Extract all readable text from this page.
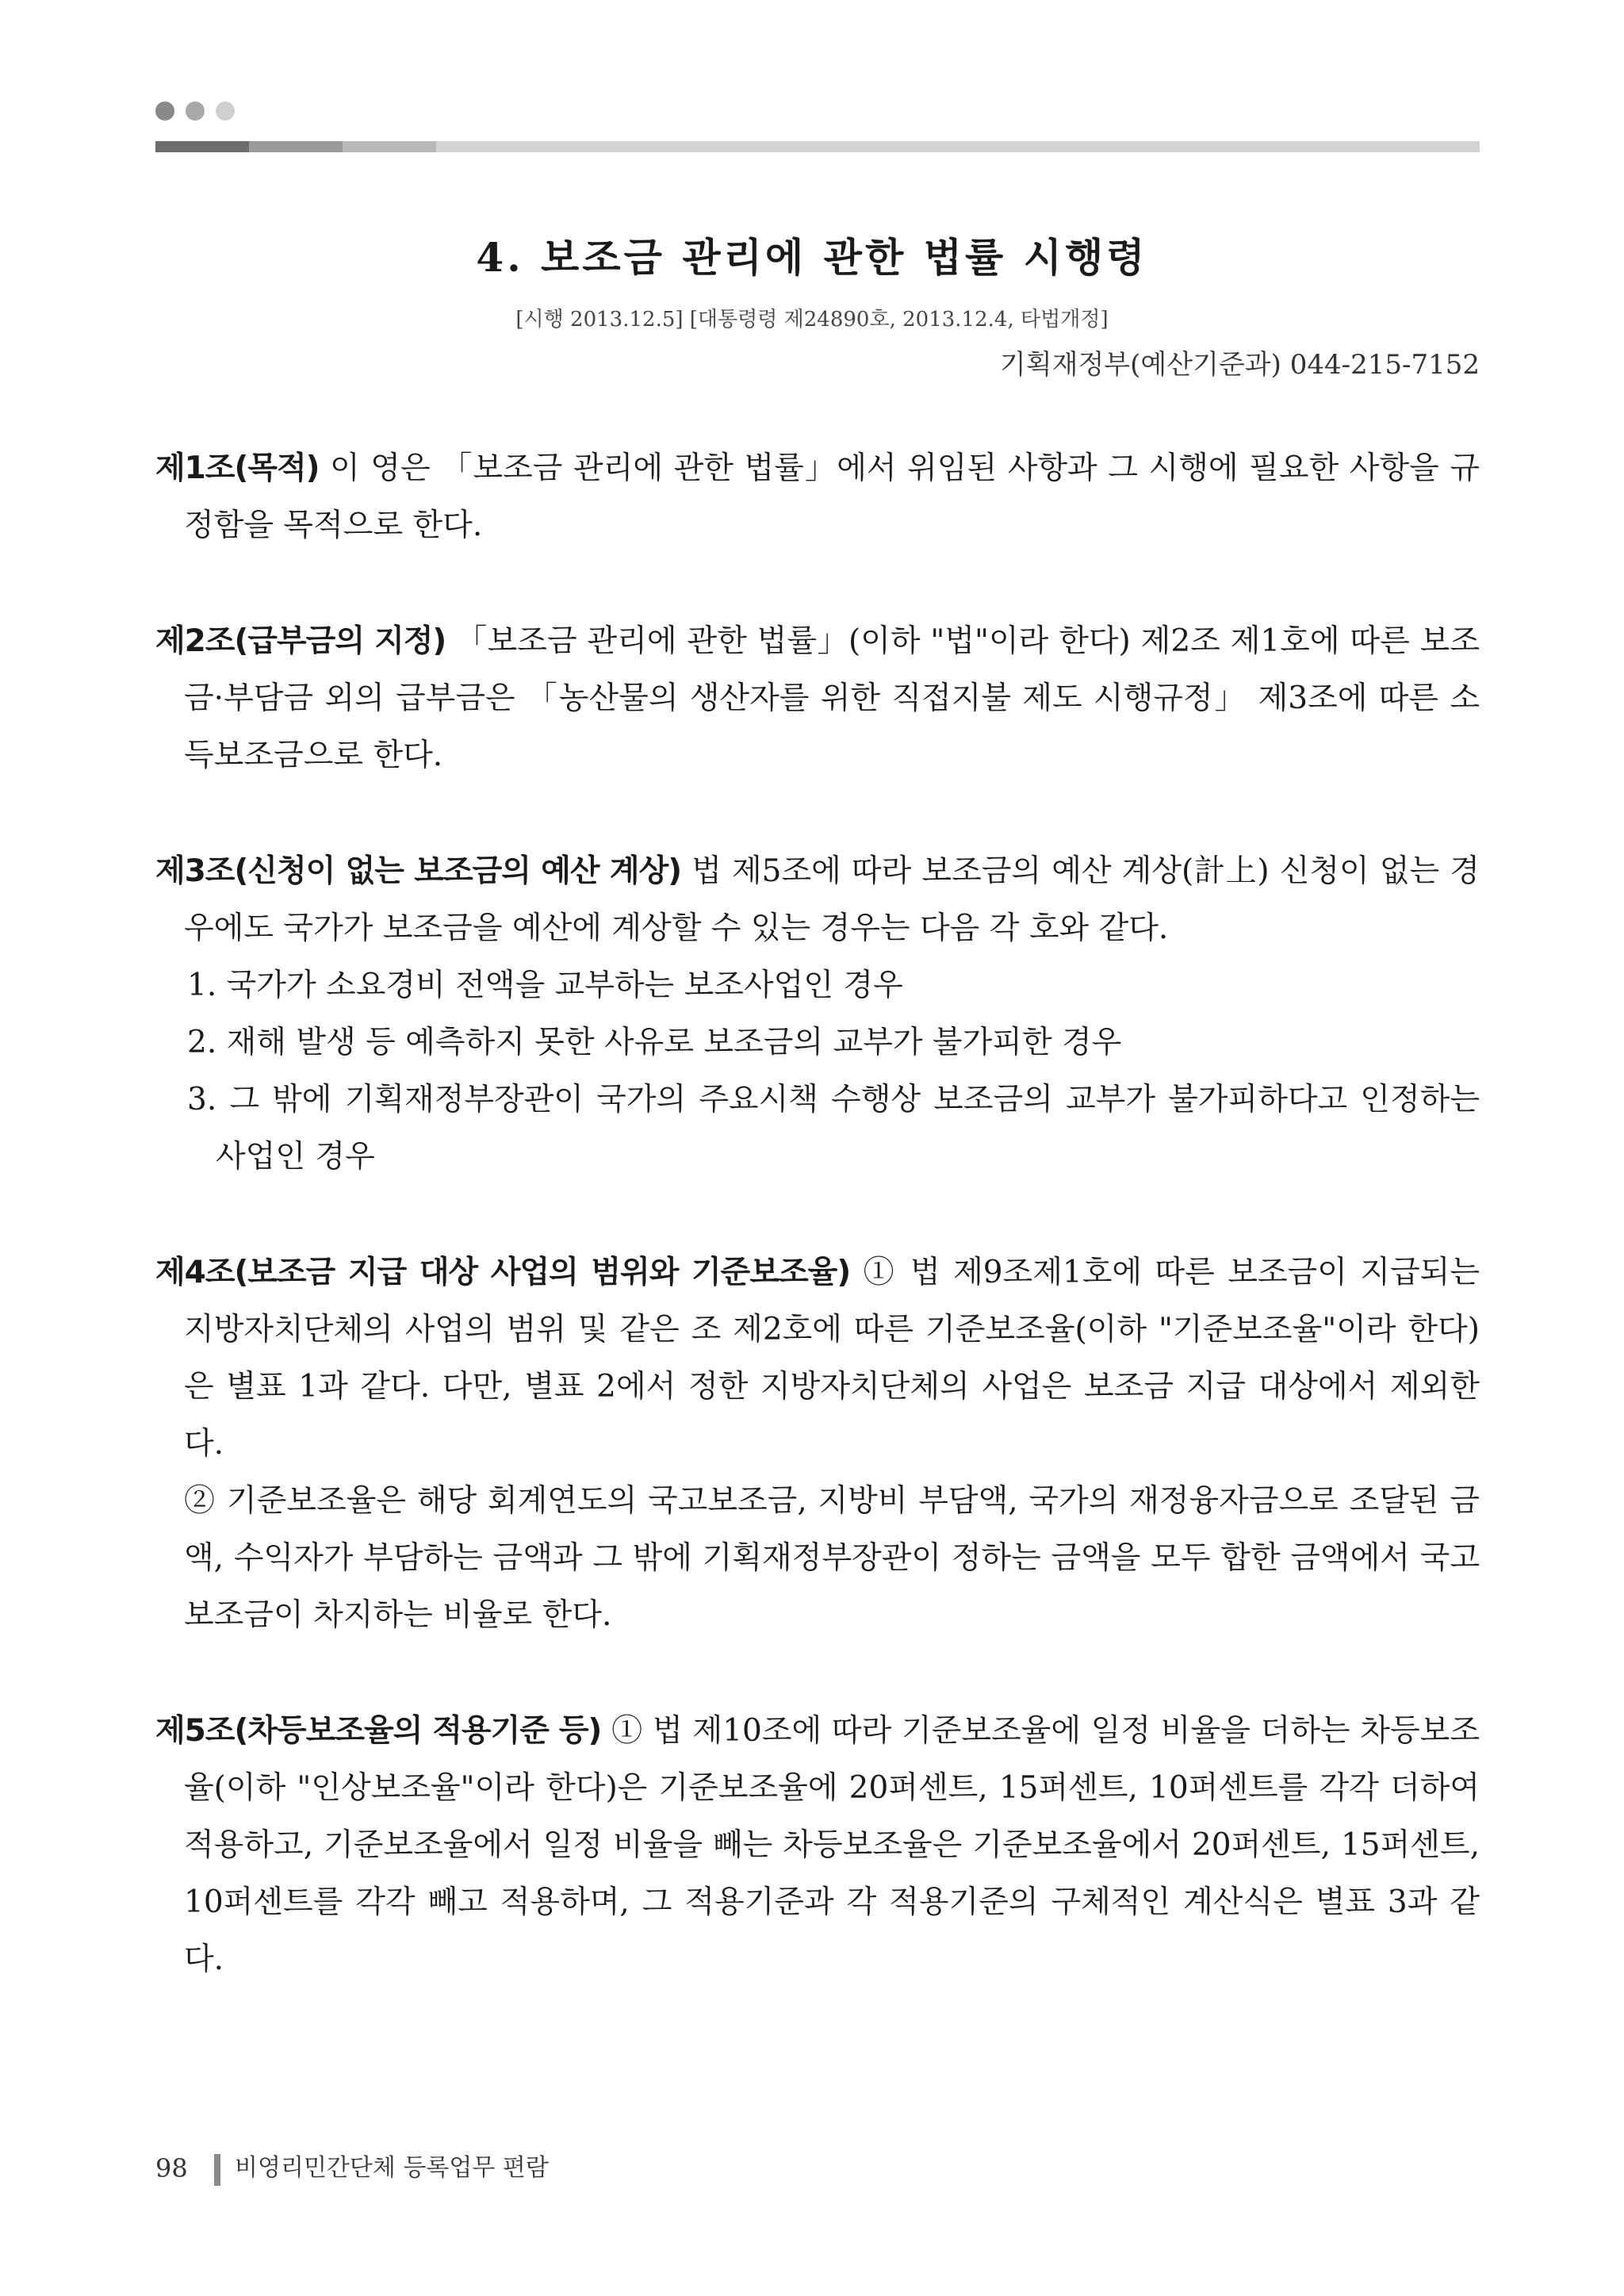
4. 보조금 관리에 관한 법률 시행령
[시행 2013.12.5] [대통령령 제24890호, 2013.12.4, 타법개정]
기획재정부(예산기준과) 044-215-7152

제1조(목적) 이 영은 「보조금 관리에 관한 법률」에서 위임된 사항과 그 시행에 필요한 사항을 규정함을 목적으로 한다.

제2조(급부금의 지정) 「보조금 관리에 관한 법률」(이하 "법"이라 한다) 제2조 제1호에 따른 보조금·부담금 외의 급부금은 「농산물의 생산자를 위한 직접지불 제도 시행규정」 제3조에 따른 소득보조금으로 한다.

제3조(신청이 없는 보조금의 예산 계상) 법 제5조에 따라 보조금의 예산 계상(計上) 신청이 없는 경우에도 국가가 보조금을 예산에 계상할 수 있는 경우는 다음 각 호와 같다.
1. 국가가 소요경비 전액을 교부하는 보조사업인 경우
2. 재해 발생 등 예측하지 못한 사유로 보조금의 교부가 불가피한 경우
3. 그 밖에 기획재정부장관이 국가의 주요시책 수행상 보조금의 교부가 불가피하다고 인정하는 사업인 경우
제4조(보조금 지급 대상 사업의 범위와 기준보조율) ① 법 제9조제1호에 따른 보조금이 지급되는 지방자치단체의 사업의 범위 및 같은 조 제2호에 따른 기준보조율(이하 "기준보조율"이라 한다)은 별표 1과 같다. 다만, 별표 2에서 정한 지방자치단체의 사업은 보조금 지급 대상에서 제외한다.
② 기준보조율은 해당 회계연도의 국고보조금, 지방비 부담액, 국가의 재정융자금으로 조달된 금액, 수익자가 부담하는 금액과 그 밖에 기획재정부장관이 정하는 금액을 모두 합한 금액에서 국고보조금이 차지하는 비율로 한다.

제5조(차등보조율의 적용기준 등) ① 법 제10조에 따라 기준보조율에 일정 비율을 더하는 차등보조율(이하 "인상보조율"이라 한다)은 기준보조율에 20퍼센트, 15퍼센트, 10퍼센트를 각각 더하여 적용하고, 기준보조율에서 일정 비율을 빼는 차등보조율은 기준보조율에서 20퍼센트, 15퍼센트, 10퍼센트를 각각 빼고 적용하며, 그 적용기준과 각 적용기준의 구체적인 계산식은 별표 3과 같다.

98 비영리민간단체 등록업무 편람
